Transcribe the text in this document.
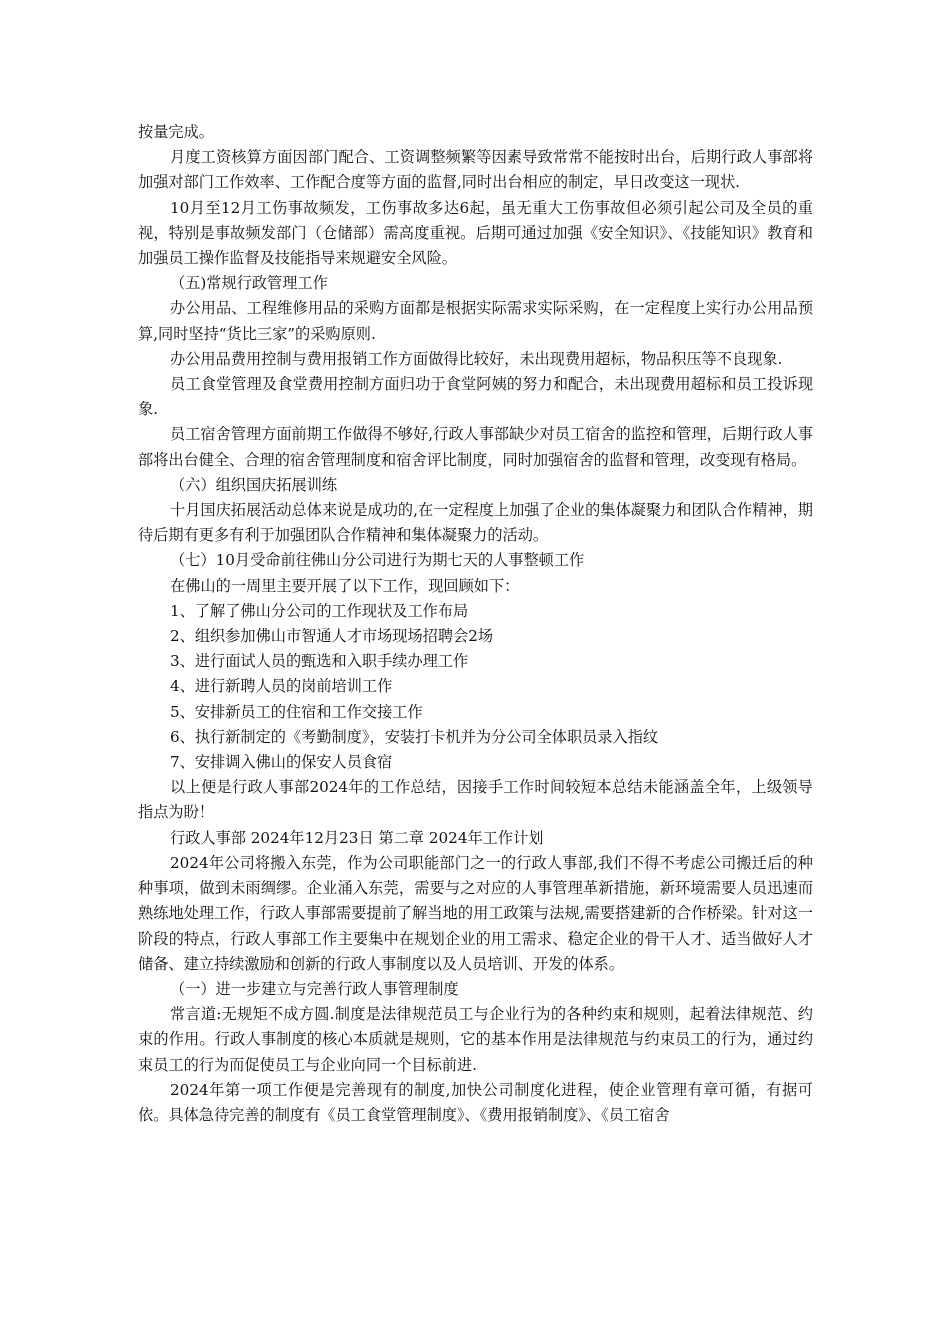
按量完成。

月度工资核算方面因部门配合、工资调整频繁等因素导致常常不能按时出台，后期行政人事部将加强对部门工作效率、工作配合度等方面的监督,同时出台相应的制定，早日改变这一现状.

10月至12月工伤事故频发，工伤事故多达6起，虽无重大工伤事故但必须引起公司及全员的重视，特别是事故频发部门（仓储部）需高度重视。后期可通过加强《安全知识》、《技能知识》教育和加强员工操作监督及技能指导来规避安全风险。

（五)常规行政管理工作

办公用品、工程维修用品的采购方面都是根据实际需求实际采购，在一定程度上实行办公用品预算,同时坚持“货比三家”的采购原则.

办公用品费用控制与费用报销工作方面做得比较好，未出现费用超标，物品积压等不良现象.

员工食堂管理及食堂费用控制方面归功于食堂阿姨的努力和配合，未出现费用超标和员工投诉现象.

员工宿舍管理方面前期工作做得不够好,行政人事部缺少对员工宿舍的监控和管理，后期行政人事部将出台健全、合理的宿舍管理制度和宿舍评比制度，同时加强宿舍的监督和管理，改变现有格局。

（六）组织国庆拓展训练

十月国庆拓展活动总体来说是成功的,在一定程度上加强了企业的集体凝聚力和团队合作精神，期待后期有更多有利于加强团队合作精神和集体凝聚力的活动。

（七）10月受命前往佛山分公司进行为期七天的人事整顿工作

在佛山的一周里主要开展了以下工作，现回顾如下：

1、了解了佛山分公司的工作现状及工作布局

2、组织参加佛山市智通人才市场现场招聘会2场

3、进行面试人员的甄选和入职手续办理工作

4、进行新聘人员的岗前培训工作

5、安排新员工的住宿和工作交接工作

6、执行新制定的《考勤制度》，安装打卡机并为分公司全体职员录入指纹

7、安排调入佛山的保安人员食宿

以上便是行政人事部2024年的工作总结，因接手工作时间较短本总结未能涵盖全年，上级领导指点为盼！

行政人事部 2024年12月23日 第二章 2024年工作计划

2024年公司将搬入东莞，作为公司职能部门之一的行政人事部,我们不得不考虑公司搬迁后的种种事项，做到未雨绸缪。企业涌入东莞，需要与之对应的人事管理革新措施，新环境需要人员迅速而熟练地处理工作，行政人事部需要提前了解当地的用工政策与法规,需要搭建新的合作桥梁。针对这一阶段的特点，行政人事部工作主要集中在规划企业的用工需求、稳定企业的骨干人才、适当做好人才储备、建立持续激励和创新的行政人事制度以及人员培训、开发的体系。

（一）进一步建立与完善行政人事管理制度

常言道:无规矩不成方圆.制度是法律规范员工与企业行为的各种约束和规则，起着法律规范、约束的作用。行政人事制度的核心本质就是规则，它的基本作用是法律规范与约束员工的行为，通过约束员工的行为而促使员工与企业向同一个目标前进.

2024年第一项工作便是完善现有的制度,加快公司制度化进程，使企业管理有章可循，有据可依。具体急待完善的制度有《员工食堂管理制度》、《费用报销制度》、《员工宿舍
